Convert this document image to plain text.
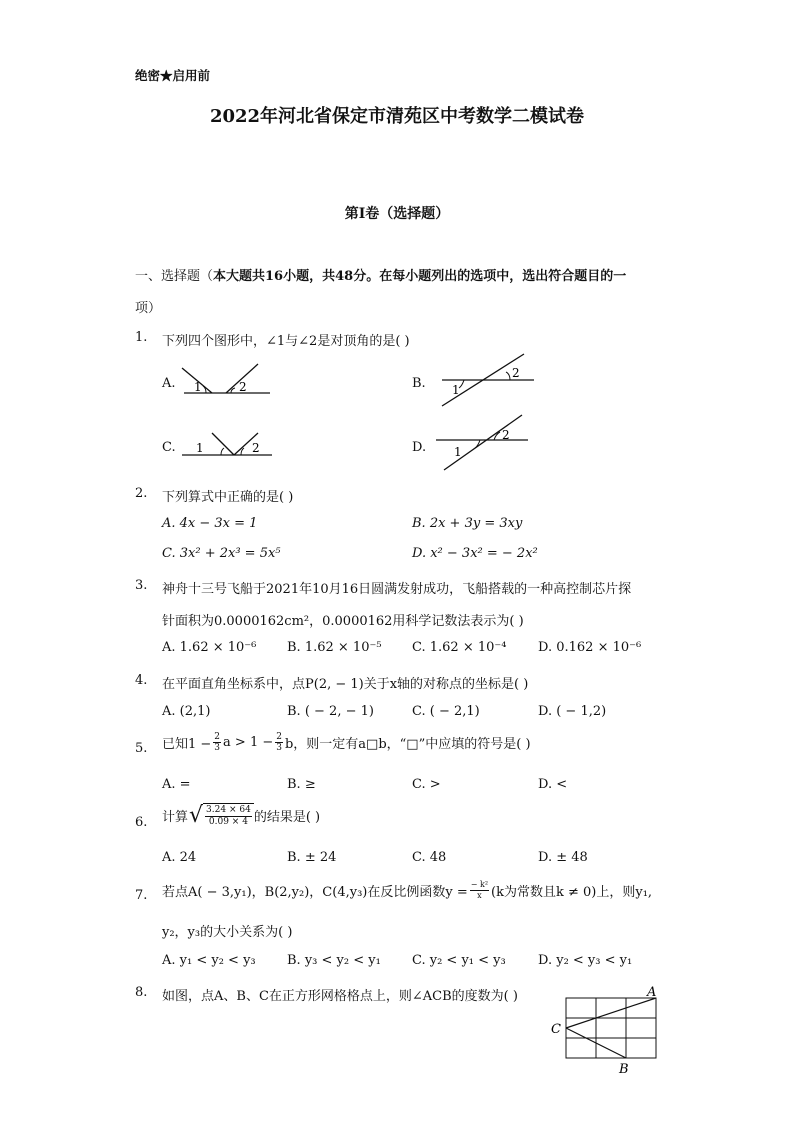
绝密★启用前
2022年河北省保定市清苑区中考数学二模试卷
第I卷（选择题）
一、选择题（本大题共16小题，共48分。在每小题列出的选项中，选出符合题目的一
项）
1. 下列四个图形中，∠1与∠2是对顶角的是( )
A. 1	2	B.
2
1
C. 1	2	D.
2
1
2. 下列算式中正确的是( )
A. 4x − 3x = 1	B. 2x + 3y = 3xy
C. 3x² + 2x³ = 5x⁵	D. x² − 3x² = − 2x²
3. 神舟十三号飞船于2021年10月16日圆满发射成功，飞船搭载的一种高控制芯片探
针面积为0.0000162cm²，0.0000162用科学记数法表示为( )
A. 1.62 × 10⁻⁶ B. 1.62 × 10⁻⁵ C. 1.62 × 10⁻⁴ D. 0.162 × 10⁻⁶
4. 在平面直角坐标系中，点P(2, − 1)关于x轴的对称点的坐标是( )
A. (2,1)	B. ( − 2, − 1)	C. ( − 2,1)	D. ( − 1,2)
5. 已知$1 - \frac{2}{3}$ $a > 1 - \frac{2}{3}$ b，则一定有a□b，“□”中应填的符号是( )
A. =	B. ≥	C. >	D. <
6. 计算 √ $\frac{3.24 \times 64}{0.09 \times 4}$ 的结果是( )
A. 24	B. ± 24	C. 48	D. ± 48
7. 若点A( − 3,y₁)，B(2,y₂)，C(4,y₃)在反比例函数$y = \frac{\text{− k²}}{x} (k$为常数且k ≠ 0)上，则y₁,
y₂，y₃的大小关系为( )
A. y₁ < y₂ < y₃ B. y₃ < y₂ < y₁ C. y₂ < y₁ < y₃ D. y₂ < y₃ < y₁
8. 如图，点A、B、C在正方形网格格点上，则∠ACB的度数为( )	A
B
C
